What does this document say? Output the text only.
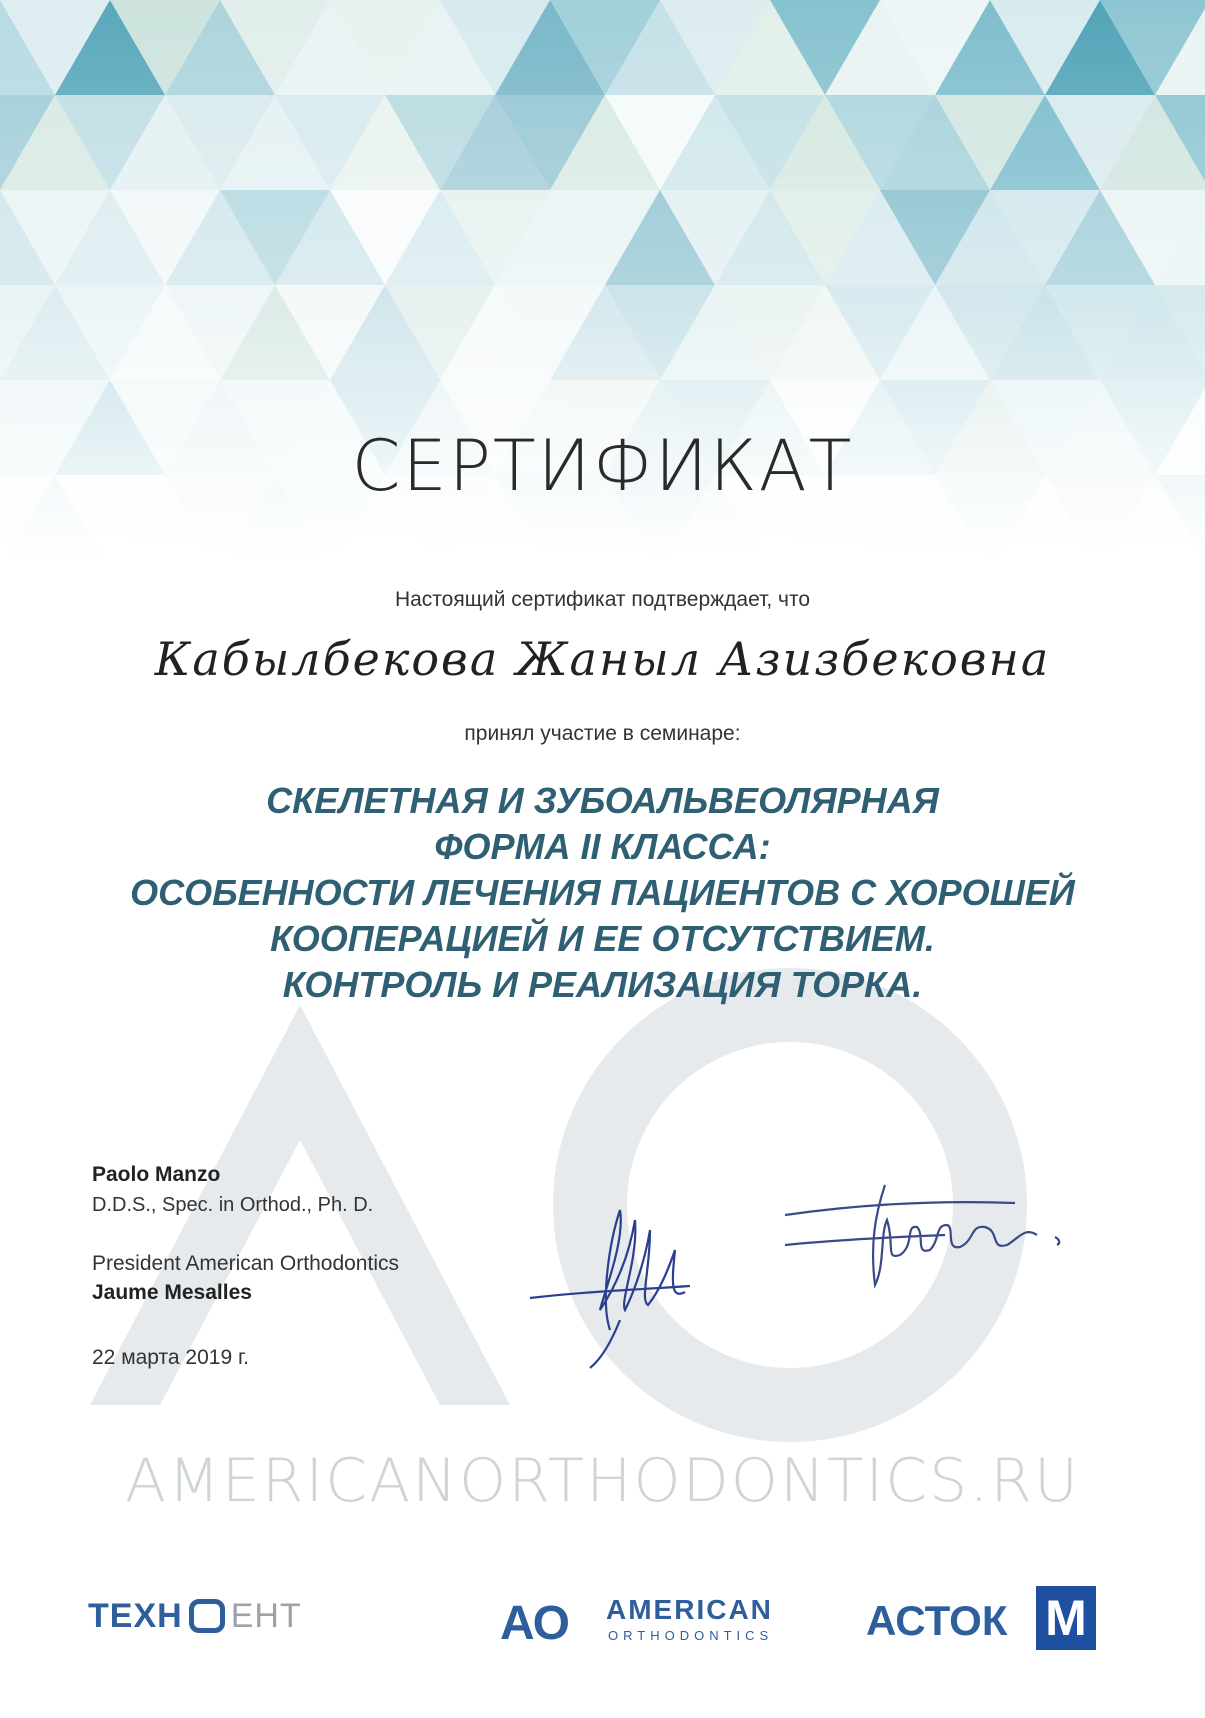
СЕРТИФИКАТ
Настоящий сертификат подтверждает, что
Кабылбекова Жаныл Азизбековна
принял участие в семинаре:
СКЕЛЕТНАЯ И ЗУБОАЛЬВЕОЛЯРНАЯ
ФОРМА II КЛАССА:
ОСОБЕННОСТИ ЛЕЧЕНИЯ ПАЦИЕНТОВ С ХОРОШЕЙ
КООПЕРАЦИЕЙ И ЕЕ ОТСУТСТВИЕМ.
КОНТРОЛЬ И РЕАЛИЗАЦИЯ ТОРКА.
Paolo Manzo
D.D.S., Spec. in Orthod., Ph. D.
President American Orthodontics
Jaume Mesalles
22 марта 2019 г.
AMERICANORTHODONTICS.RU
ТЕХН ЕНТ	AO AMERICAN
ORTHODONTICS АСТОК M
